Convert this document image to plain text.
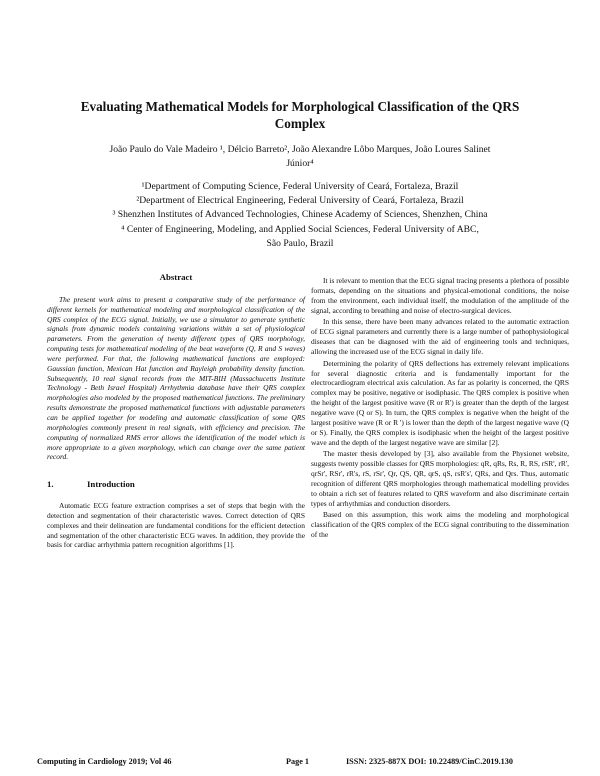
Evaluating Mathematical Models for Morphological Classification of the QRS
Complex
João Paulo do Vale Madeiro ¹, Délcio Barreto², João Alexandre Lôbo Marques, João Loures Salinet
Júnior⁴
¹Department of Computing Science, Federal University of Ceará, Fortaleza, Brazil
²Department of Electrical Engineering, Federal University of Ceará, Fortaleza, Brazil
³ Shenzhen Institutes of Advanced Technologies, Chinese Academy of Sciences, Shenzhen, China
⁴ Center of Engineering, Modeling, and Applied Social Sciences, Federal University of ABC,
São Paulo, Brazil
Abstract

The present work aims to present a comparative study of the performance of different kernels for mathematical modeling and morphological classification of the QRS complex of the ECG signal. Initially, we use a simulator to generate synthetic signals from dynamic models containing variations within a set of physiological parameters. From the generation of twenty different types of QRS morphology, computing tests for mathematical modeling of the beat waveform (Q, R and S waves) were performed. For that, the following mathematical functions are employed: Gaussian function, Mexican Hat function and Rayleigh probability density function. Subsequently, 10 real signal records from the MIT-BIH (Massachucetts Institute Technology - Beth Israel Hospital) Arrhythmia database have their QRS complex morphologies also modeled by the proposed mathematical functions. The preliminary results demonstrate the proposed mathematical functions with adjustable parameters can be applied together for modeling and automatic classification of some QRS morphologies commonly present in real signals, with efficiency and precision. The computing of normalized RMS error allows the identification of the model which is more appropriate to a given morphology, which can change over the same patient record.

1.	Introduction

Automatic ECG feature extraction comprises a set of steps that begin with the detection and segmentation of their characteristic waves. Correct detection of QRS complexes and their delineation are fundamental conditions for the efficient detection and segmentation of the other characteristic ECG waves. In addition, they provide the basis for cardiac arrhythmia pattern recognition algorithms [1].

It is relevant to mention that the ECG signal tracing presents a plethora of possible formats, depending on the situations and physical-emotional conditions, the noise from the environment, each individual itself, the modulation of the amplitude of the signal, according to breathing and noise of electro-surgical devices.

In this sense, there have been many advances related to the automatic extraction of ECG signal parameters and currently there is a large number of pathophysiological diseases that can be diagnosed with the aid of engineering tools and techniques, allowing the increased use of the ECG signal in daily life.

Determining the polarity of QRS deflections has extremely relevant implications for several diagnostic criteria and is fundamentally important for the electrocardiogram electrical axis calculation. As far as polarity is concerned, the QRS complex may be positive, negative or isodiphasic. The QRS complex is positive when the height of the largest positive wave (R or R') is greater than the depth of the largest negative wave (Q or S). In turn, the QRS complex is negative when the height of the largest positive wave (R or R ') is lower than the depth of the largest negative wave (Q or S). Finally, the QRS complex is isodiphasic when the height of the largest positive wave and the depth of the largest negative wave are similar [2].

The master thesis developed by [3], also available from the Physionet website, suggests twenty possible classes for QRS morphologies: qR, qRs, Rs, R, RS, rSR', rR', qrSr', RSr', rR's, rS, rSr', Qr, QS, QR, qrS, qS, rsR's', QRs, and Qrs. Thus, automatic recognition of different QRS morphologies through mathematical modelling provides to obtain a rich set of features related to QRS waveform and also discriminate certain types of arrhythmias and conduction disorders.

Based on this assumption, this work aims the modeling and morphological classification of the QRS complex of the ECG signal contributing to the dissemination of the

Computing in Cardiology 2019; Vol 46	Page 1	ISSN: 2325-887X DOI: 10.22489/CinC.2019.130
